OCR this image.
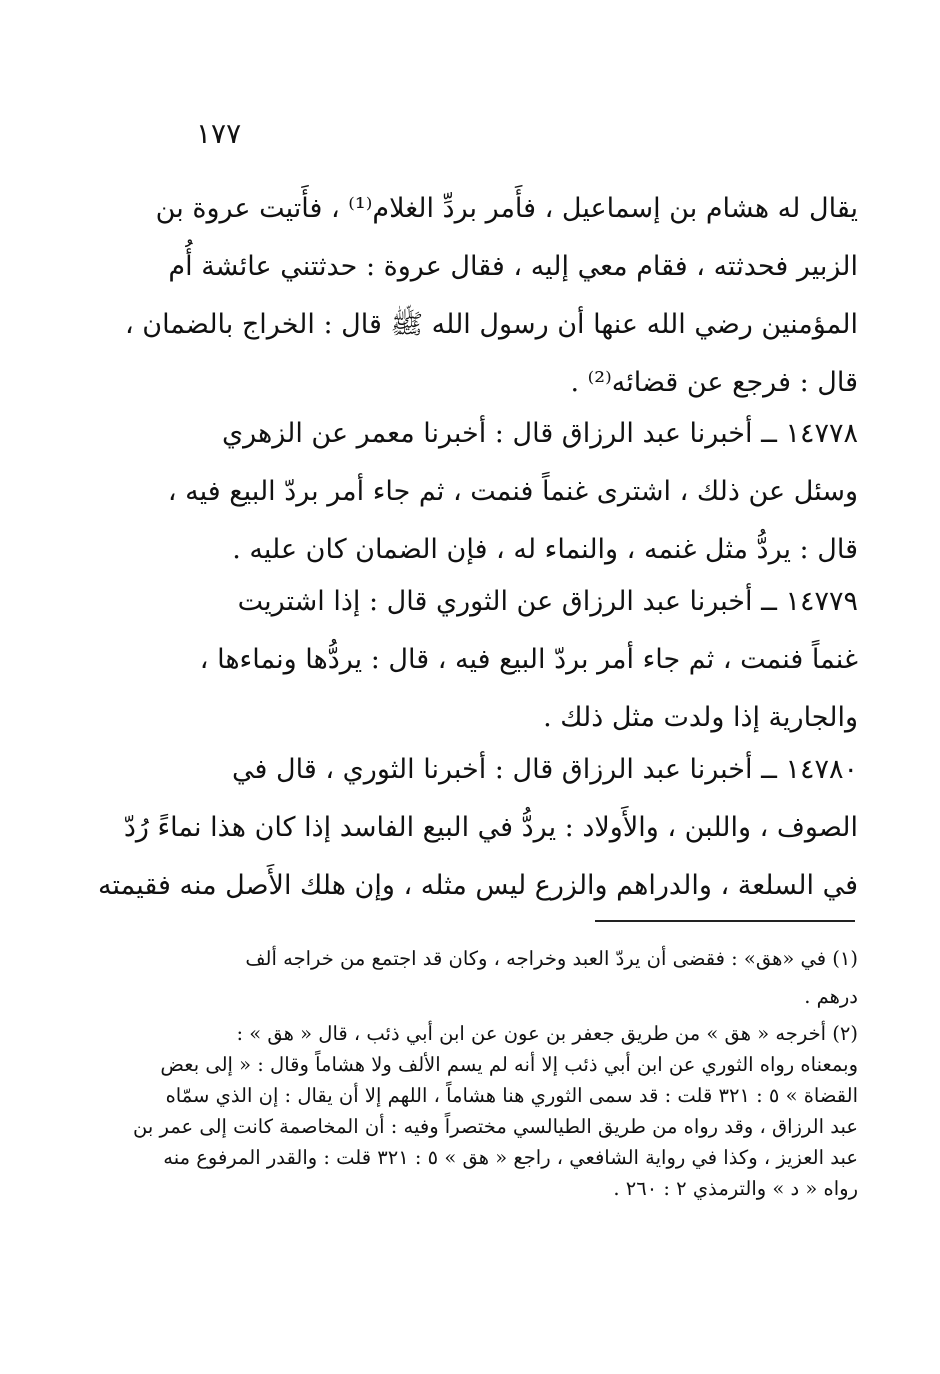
١٧٧
يقال له هشام بن إسماعيل ، فأَمر بردِّ الغلام⁽¹⁾ ، فأَتيت عروة بن
الزبير فحدثته ، فقام معي إليه ، فقال عروة : حدثتني عائشة أُم
المؤمنين رضي الله عنها أن رسول الله ﷺ قال : الخراج بالضمان ،
قال : فرجع عن قضائه⁽²⁾ .
١٤٧٧٨ ــ أخبرنا عبد الرزاق قال : أخبرنا معمر عن الزهري
وسئل عن ذلك ، اشترى غنماً فنمت ، ثم جاء أمر بردّ البيع فيه ،
قال : يردُّ مثل غنمه ، والنماء له ، فإن الضمان كان عليه .
١٤٧٧٩ ــ أخبرنا عبد الرزاق عن الثوري قال : إذا اشتريت
غنماً فنمت ، ثم جاء أمر بردّ البيع فيه ، قال : يردُّها ونماءها ،
والجارية إذا ولدت مثل ذلك .
١٤٧٨٠ ــ أخبرنا عبد الرزاق قال : أخبرنا الثوري ، قال في
الصوف ، واللبن ، والأَولاد : يردُّ في البيع الفاسد إذا كان هذا نماءً رُدّ
في السلعة ، والدراهم والزرع ليس مثله ، وإن هلك الأَصل منه فقيمته
(١) في «هق» : فقضى أن يردّ العبد وخراجه ، وكان قد اجتمع من خراجه ألف
درهم .
(٢) أخرجه « هق » من طريق جعفر بن عون عن ابن أبي ذئب ، قال « هق » :
وبمعناه رواه الثوري عن ابن أبي ذئب إلا أنه لم يسم الألف ولا هشاماً وقال : « إلى بعض
القضاة » ٥ : ٣٢١ قلت : قد سمى الثوري هنا هشاماً ، اللهم إلا أن يقال : إن الذي سمّاه
عبد الرزاق ، وقد رواه من طريق الطيالسي مختصراً وفيه : أن المخاصمة كانت إلى عمر بن
عبد العزيز ، وكذا في رواية الشافعي ، راجع « هق » ٥ : ٣٢١ قلت : والقدر المرفوع منه
رواه « د » والترمذي ٢ : ٢٦٠ .
